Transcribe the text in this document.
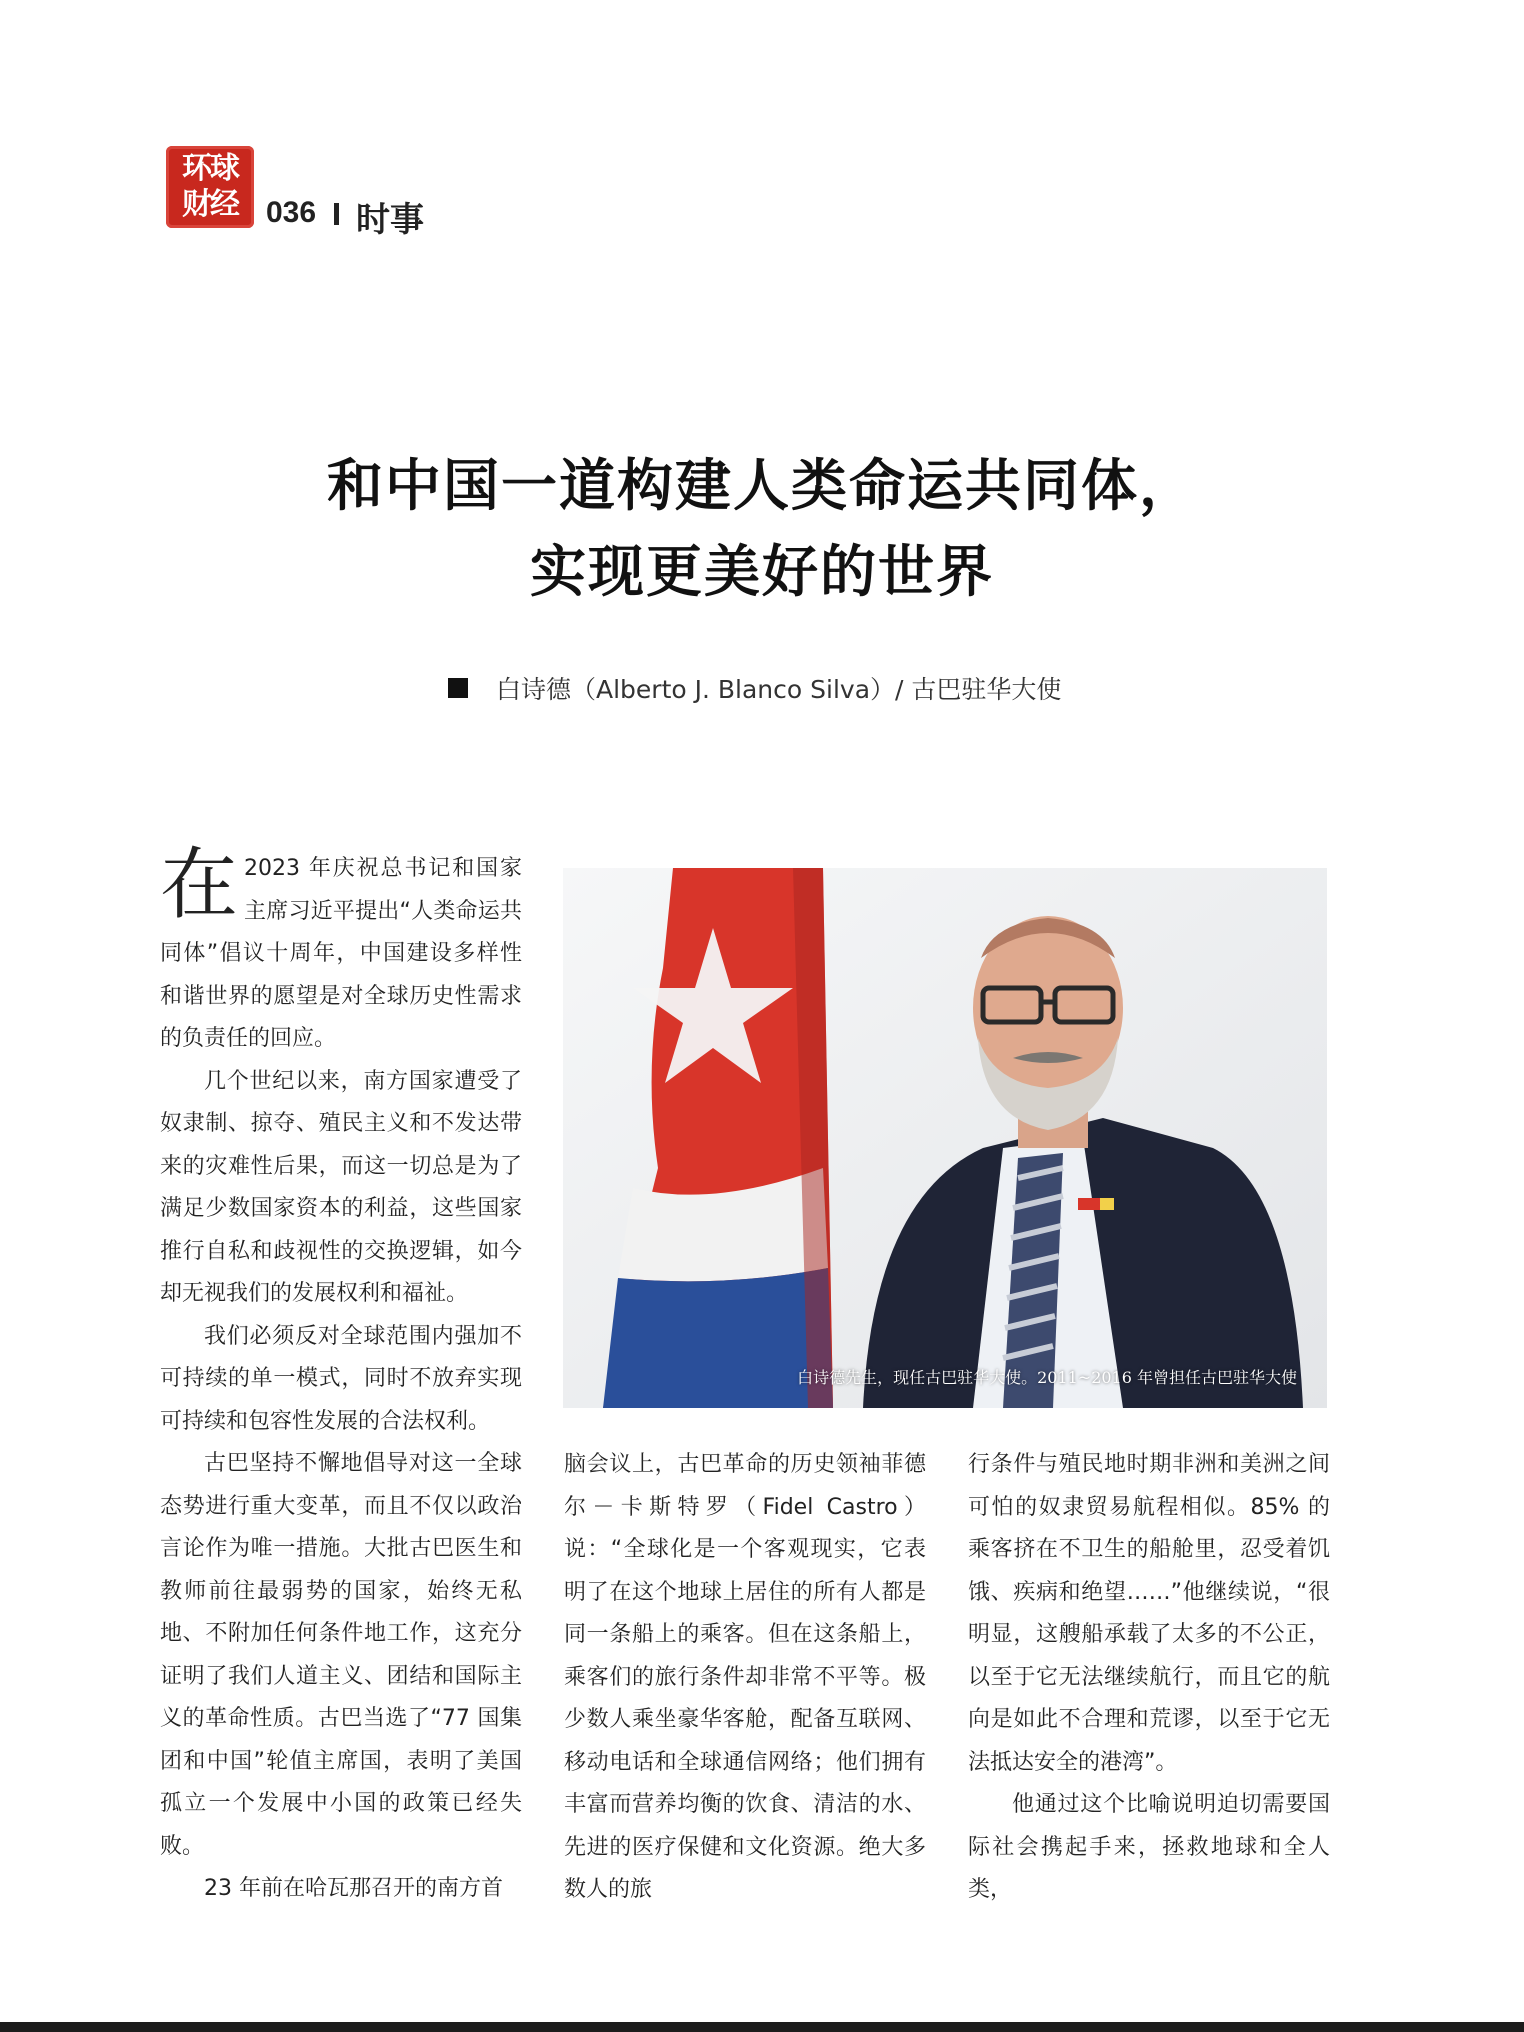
环球
财经 036 时事
和中国一道构建人类命运共同体，
实现更美好的世界
白诗德（Alberto J. Blanco Silva）/ 古巴驻华大使

在 2023 年庆祝总书记和国家主席习近平提出“人类命运共同体”倡议十周年，中国建设多样性和谐世界的愿望是对全球历史性需求的负责任的回应。

几个世纪以来，南方国家遭受了奴隶制、掠夺、殖民主义和不发达带来的灾难性后果，而这一切总是为了满足少数国家资本的利益，这些国家推行自私和歧视性的交换逻辑，如今却无视我们的发展权利和福祉。

我们必须反对全球范围内强加不可持续的单一模式，同时不放弃实现可持续和包容性发展的合法权利。

古巴坚持不懈地倡导对这一全球态势进行重大变革，而且不仅以政治言论作为唯一措施。大批古巴医生和教师前往最弱势的国家，始终无私地、不附加任何条件地工作，这充分证明了我们人道主义、团结和国际主义的革命性质。古巴当选了“77 国集团和中国”轮值主席国，表明了美国孤立一个发展中小国的政策已经失败。

23 年前在哈瓦那召开的南方首

白诗德先生，现任古巴驻华大使。2011~2016 年曾担任古巴驻华大使

脑会议上，古巴革命的历史领袖菲德尔－卡斯特罗（Fidel Castro）说：“全球化是一个客观现实，它表明了在这个地球上居住的所有人都是同一条船上的乘客。但在这条船上，乘客们的旅行条件却非常不平等。极少数人乘坐豪华客舱，配备互联网、移动电话和全球通信网络；他们拥有丰富而营养均衡的饮食、清洁的水、先进的医疗保健和文化资源。绝大多数人的旅

行条件与殖民地时期非洲和美洲之间可怕的奴隶贸易航程相似。85% 的乘客挤在不卫生的船舱里，忍受着饥饿、疾病和绝望……”他继续说，“很明显，这艘船承载了太多的不公正，以至于它无法继续航行，而且它的航向是如此不合理和荒谬，以至于它无法抵达安全的港湾”。

他通过这个比喻说明迫切需要国际社会携起手来，拯救地球和全人类，
